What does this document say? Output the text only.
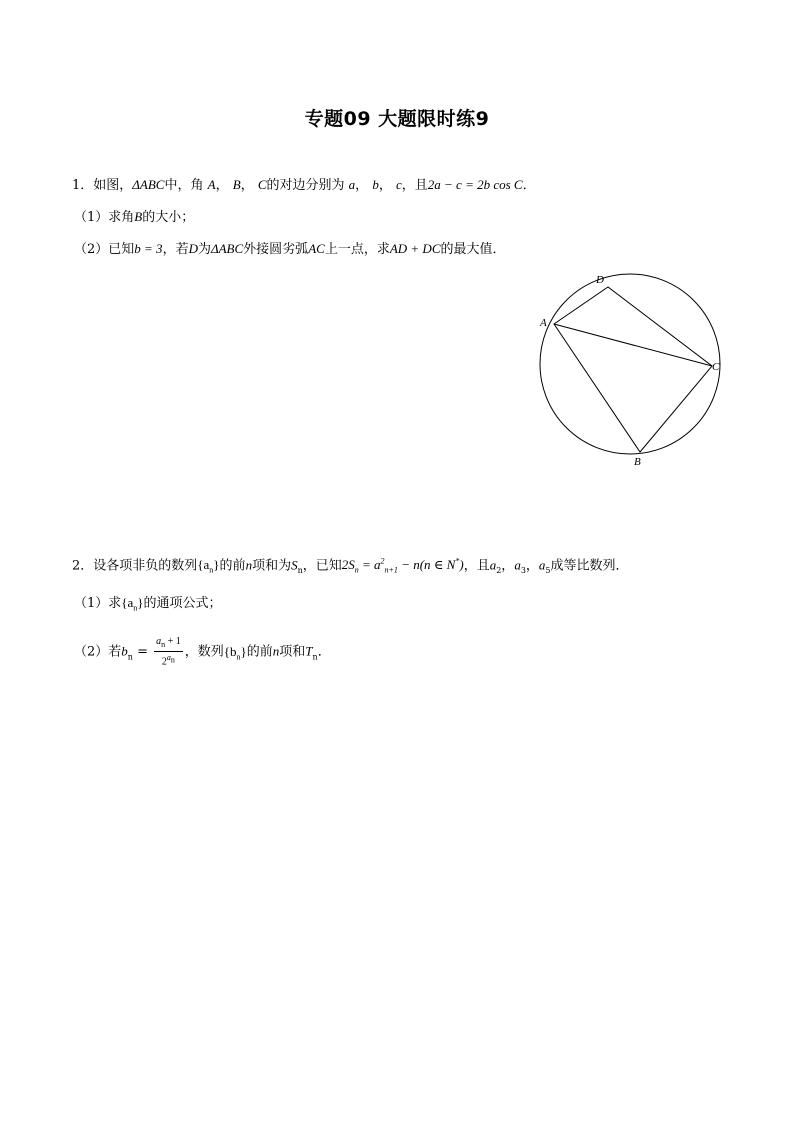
专题09 大题限时练9
1．如图，ΔABC中，角 A， B， C的对边分别为 a， b， c，且2a − c = 2b cos C．
（1）求角B的大小；
（2）已知b = 3，若D为ΔABC外接圆劣弧AC上一点，求AD + DC的最大值．
A
D
C
B
2．设各项非负的数列$\{a_n\}$的前n项和为$S_n$，已知$2S_n = a^2_{n+1} - n(n$ ∈ N*)，且$a_2$，$a_3$，$a_5$成等比数列．
（1）求$\{a_n\}$的通项公式；
（2）若$b_n = \frac{a_n + 1}{2^{a_n}}$ ，数列$\{b_n\}$的前n项和$T_n$．
